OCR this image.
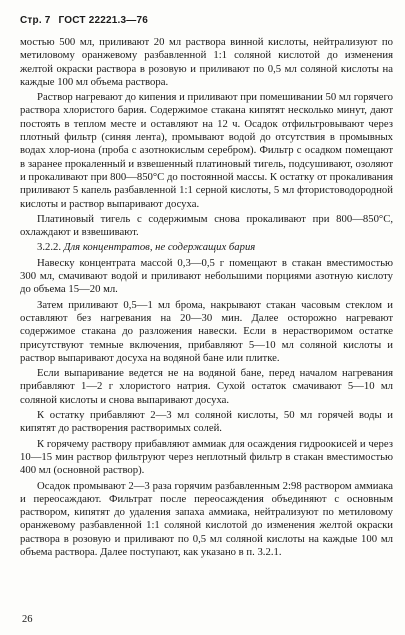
Стр. 7 ГОСТ 22221.3—76

мостью 500 мл, приливают 20 мл раствора винной кислоты, нейтрализуют по метиловому оранжевому разбавленной 1:1 соляной кислотой до изменения желтой окраски раствора в розовую и приливают по 0,5 мл соляной кислоты на каждые 100 мл объема раствора.

Раствор нагревают до кипения и приливают при помешивании 50 мл горячего раствора хлористого бария. Содержимое стакана кипятят несколько минут, дают постоять в теплом месте и оставляют на 12 ч. Осадок отфильтровывают через плотный фильтр (синяя лента), промывают водой до отсутствия в промывных водах хлор-иона (проба с азотнокислым серебром). Фильтр с осадком помещают в заранее прокаленный и взвешенный платиновый тигель, подсушивают, озоляют и прокаливают при 800—850°С до постоянной массы. К остатку от прокаливания приливают 5 капель разбавленной 1:1 серной кислоты, 5 мл фтористоводородной кислоты и раствор выпаривают досуха.

Платиновый тигель с содержимым снова прокаливают при 800—850°С, охлаждают и взвешивают.

3.2.2. Для концентратов, не содержащих бария

Навеску концентрата массой 0,3—0,5 г помещают в стакан вместимостью 300 мл, смачивают водой и приливают небольшими порциями азотную кислоту до объема 15—20 мл.

Затем приливают 0,5—1 мл брома, накрывают стакан часовым стеклом и оставляют без нагревания на 20—30 мин. Далее осторожно нагревают содержимое стакана до разложения навески. Если в нерастворимом остатке присутствуют темные включения, прибавляют 5—10 мл соляной кислоты и раствор выпаривают досуха на водяной бане или плитке.

Если выпаривание ведется не на водяной бане, перед началом нагревания прибавляют 1—2 г хлористого натрия. Сухой остаток смачивают 5—10 мл соляной кислоты и снова выпаривают досуха.

К остатку прибавляют 2—3 мл соляной кислоты, 50 мл горячей воды и кипятят до растворения растворимых солей.

К горячему раствору прибавляют аммиак для осаждения гидроокисей и через 10—15 мин раствор фильтруют через неплотный фильтр в стакан вместимостью 400 мл (основной раствор).

Осадок промывают 2—3 раза горячим разбавленным 2:98 раствором аммиака и переосаждают. Фильтрат после переосаждения объединяют с основным раствором, кипятят до удаления запаха аммиака, нейтрализуют по метиловому оранжевому разбавленной 1:1 соляной кислотой до изменения желтой окраски раствора в розовую и приливают по 0,5 мл соляной кислоты на каждые 100 мл объема раствора. Далее поступают, как указано в п. 3.2.1.

26
